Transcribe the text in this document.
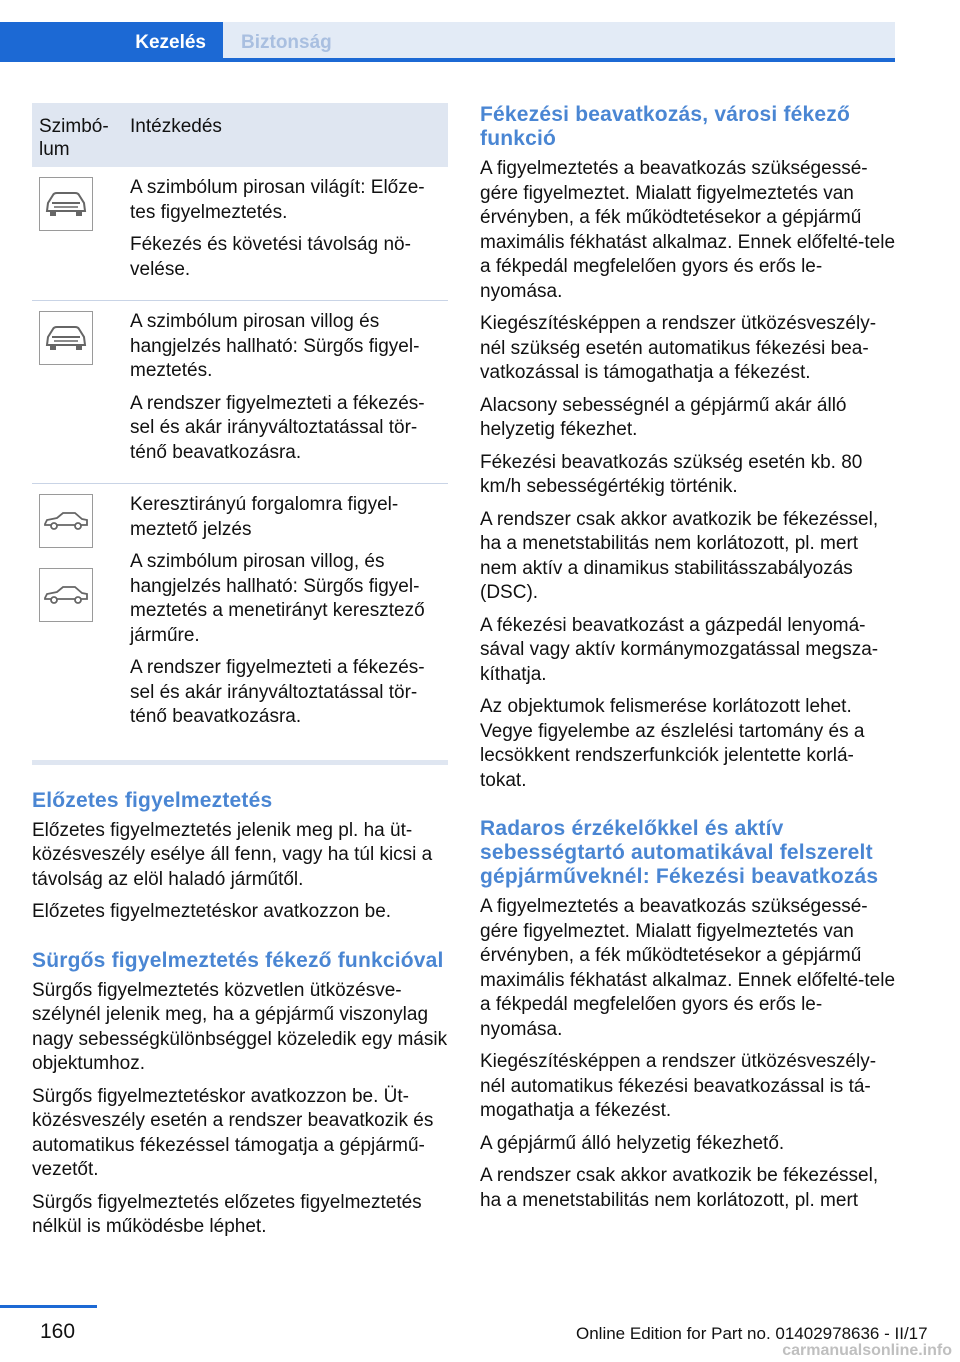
Kezelés	Biztonság
Szimbó‐lum
Intézkedés

A szimbólum pirosan világít: Előze‐tes figyelmeztetés.

Fékezés és követési távolság nö‐velése.

A szimbólum pirosan villog és hangjelzés hallható: Sürgős figyel‐meztetés.

A rendszer figyelmezteti a fékezés‐sel és akár irányváltoztatással tör‐ténő beavatkozásra.

Keresztirányú forgalomra figyel‐meztető jelzés

A szimbólum pirosan villog, és hangjelzés hallható: Sürgős figyel‐meztetés a menetirányt keresztező járműre.

A rendszer figyelmezteti a fékezés‐sel és akár irányváltoztatással tör‐ténő beavatkozásra.

Előzetes figyelmeztetés

Előzetes figyelmeztetés jelenik meg pl. ha üt‐közésveszély esélye áll fenn, vagy ha túl kicsi a távolság az elöl haladó járműtől.

Előzetes figyelmeztetéskor avatkozzon be.

Sürgős figyelmeztetés fékező funkcióval

Sürgős figyelmeztetés közvetlen ütközésve‐szélynél jelenik meg, ha a gépjármű viszonylag nagy sebességkülönbséggel közeledik egy másik objektumhoz.

Sürgős figyelmeztetéskor avatkozzon be. Üt‐közésveszély esetén a rendszer beavatkozik és automatikus fékezéssel támogatja a gépjármű‐vezetőt.

Sürgős figyelmeztetés előzetes figyelmeztetés nélkül is működésbe léphet.

Fékezési beavatkozás, városi fékező funkció

A figyelmeztetés a beavatkozás szükségessé‐gére figyelmeztet. Mialatt figyelmeztetés van érvényben, a fék működtetésekor a gépjármű maximális fékhatást alkalmaz. Ennek előfelté‐tele a fékpedál megfelelően gyors és erős le‐nyomása.

Kiegészítésképpen a rendszer ütközésveszély‐nél szükség esetén automatikus fékezési bea‐vatkozással is támogathatja a fékezést.

Alacsony sebességnél a gépjármű akár álló helyzetig fékezhet.

Fékezési beavatkozás szükség esetén kb. 80 km/h sebességértékig történik.

A rendszer csak akkor avatkozik be fékezéssel, ha a menetstabilitás nem korlátozott, pl. mert nem aktív a dinamikus stabilitásszabályozás (DSC).

A fékezési beavatkozást a gázpedál lenyomá‐sával vagy aktív kormánymozgatással megsza‐kíthatja.

Az objektumok felismerése korlátozott lehet. Vegye figyelembe az észlelési tartomány és a lecsökkent rendszerfunkciók jelentette korlá‐tokat.

Radaros érzékelőkkel és aktív sebességtartó automatikával felszerelt gépjárműveknél: Fékezési beavatkozás

A figyelmeztetés a beavatkozás szükségessé‐gére figyelmeztet. Mialatt figyelmeztetés van érvényben, a fék működtetésekor a gépjármű maximális fékhatást alkalmaz. Ennek előfelté‐tele a fékpedál megfelelően gyors és erős le‐nyomása.

Kiegészítésképpen a rendszer ütközésveszély‐nél automatikus fékezési beavatkozással is tá‐mogathatja a fékezést.

A gépjármű álló helyzetig fékezhető.

A rendszer csak akkor avatkozik be fékezéssel, ha a menetstabilitás nem korlátozott, pl. mert

160	Online Edition for Part no. 01402978636 - II/17
carmanualsonline.info
